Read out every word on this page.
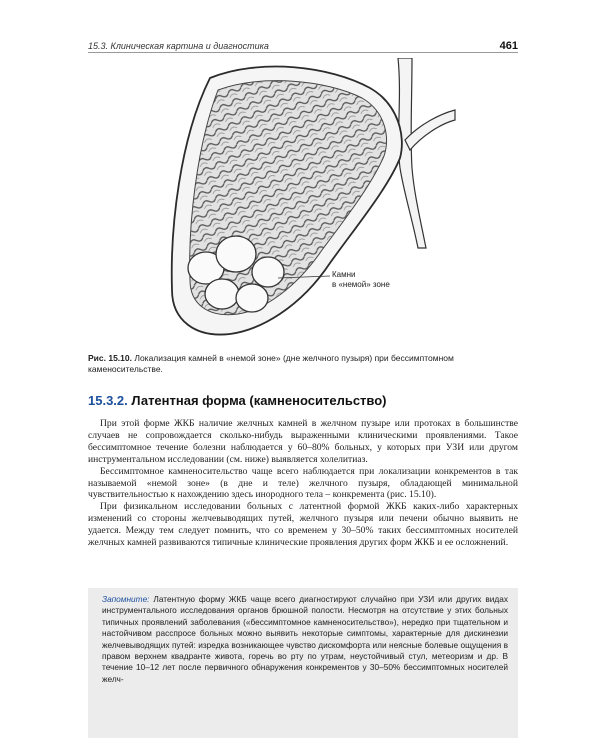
15.3. Клиническая картина и диагностика	461
Камни
в «немой» зоне
Рис. 15.10. Локализация камней в «немой зоне» (дне желчного пузыря) при бессимптомном каменосительстве.
15.3.2. Латентная форма (камненосительство)

При этой форме ЖКБ наличие желчных камней в желчном пузыре или протоках в большинстве случаев не сопровождается сколько-нибудь выраженными клиническими проявлениями. Такое бессимптомное течение болезни наблюдается у 60–80% больных, у которых при УЗИ или другом инструментальном исследовании (см. ниже) выявляется холелитиаз.

Бессимптомное камненосительство чаще всего наблюдается при локализации конкрементов в так называемой «немой зоне» (в дне и теле) желчного пузыря, обладающей минимальной чувствительностью к нахождению здесь инородного тела – конкремента (рис. 15.10).

При физикальном исследовании больных с латентной формой ЖКБ каких-либо характерных изменений со стороны желчевыводящих путей, желчного пузыря или печени обычно выявить не удается. Между тем следует помнить, что со временем у 30–50% таких бессимптомных носителей желчных камней развиваются типичные клинические проявления других форм ЖКБ и ее осложнений.

Запомните: Латентную форму ЖКБ чаще всего диагностируют случайно при УЗИ или других видах инструментального исследования органов брюшной полости. Несмотря на отсутствие у этих больных типичных проявлений заболевания («бессимптомное камненосительство»), нередко при тщательном и настойчивом расспросе больных можно выявить некоторые симптомы, характерные для дискинезии желчевыводящих путей: изредка возникающее чувство дискомфорта или неясные болевые ощущения в правом верхнем квадранте живота, горечь во рту по утрам, неустойчивый стул, метеоризм и др. В течение 10–12 лет после первичного обнаружения конкрементов у 30–50% бессимптомных носителей желч-
